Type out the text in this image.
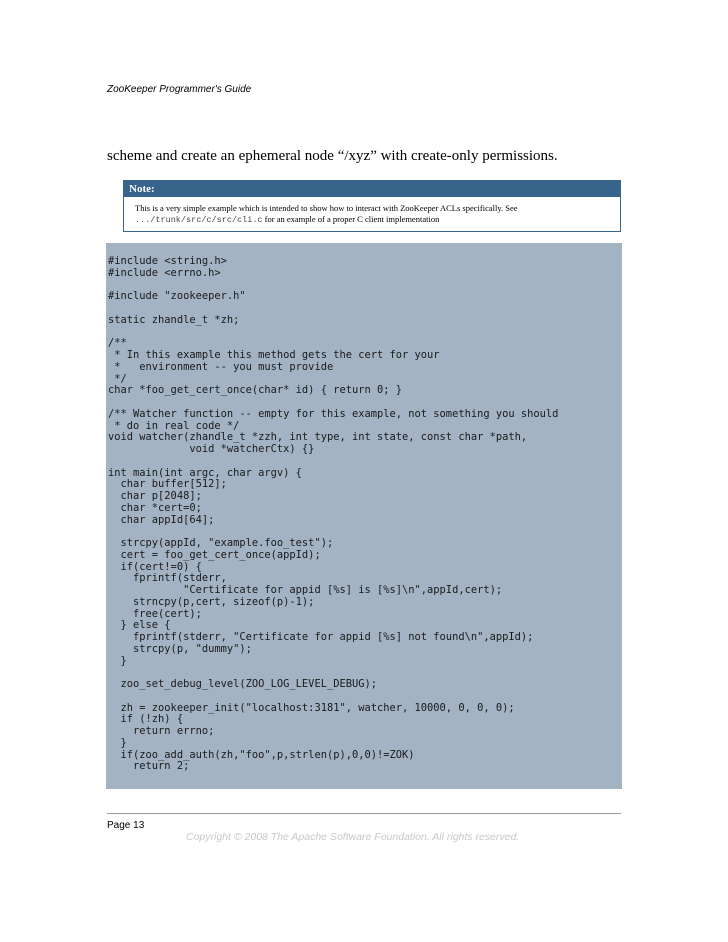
ZooKeeper Programmer's Guide
scheme and create an ephemeral node “/xyz” with create-only permissions.
Note:
This is a very simple example which is intended to show how to interact with ZooKeeper ACLs specifically. See
.../trunk/src/c/src/cli.c for an example of a proper C client implementation
#include <string.h>
#include <errno.h>
#include "zookeeper.h"
static zhandle_t *zh;
/**
* In this example this method gets the cert for your
*   environment -- you must provide
*/
char *foo_get_cert_once(char* id) { return 0; }
/** Watcher function -- empty for this example, not something you should
* do in real code */
void watcher(zhandle_t *zzh, int type, int state, const char *path,
void *watcherCtx) {}
int main(int argc, char argv) {
char buffer[512];
char p[2048];
char *cert=0;
char appId[64];
strcpy(appId, "example.foo_test");
cert = foo_get_cert_once(appId);
if(cert!=0) {
fprintf(stderr,
"Certificate for appid [%s] is [%s]\n",appId,cert);
strncpy(p,cert, sizeof(p)-1);
free(cert);
} else {
fprintf(stderr, "Certificate for appid [%s] not found\n",appId);
strcpy(p, "dummy");
}
zoo_set_debug_level(ZOO_LOG_LEVEL_DEBUG);
zh = zookeeper_init("localhost:3181", watcher, 10000, 0, 0, 0);
if (!zh) {
return errno;
}
if(zoo_add_auth(zh,"foo",p,strlen(p),0,0)!=ZOK)
return 2;
Page 13
Copyright © 2008 The Apache Software Foundation. All rights reserved.
